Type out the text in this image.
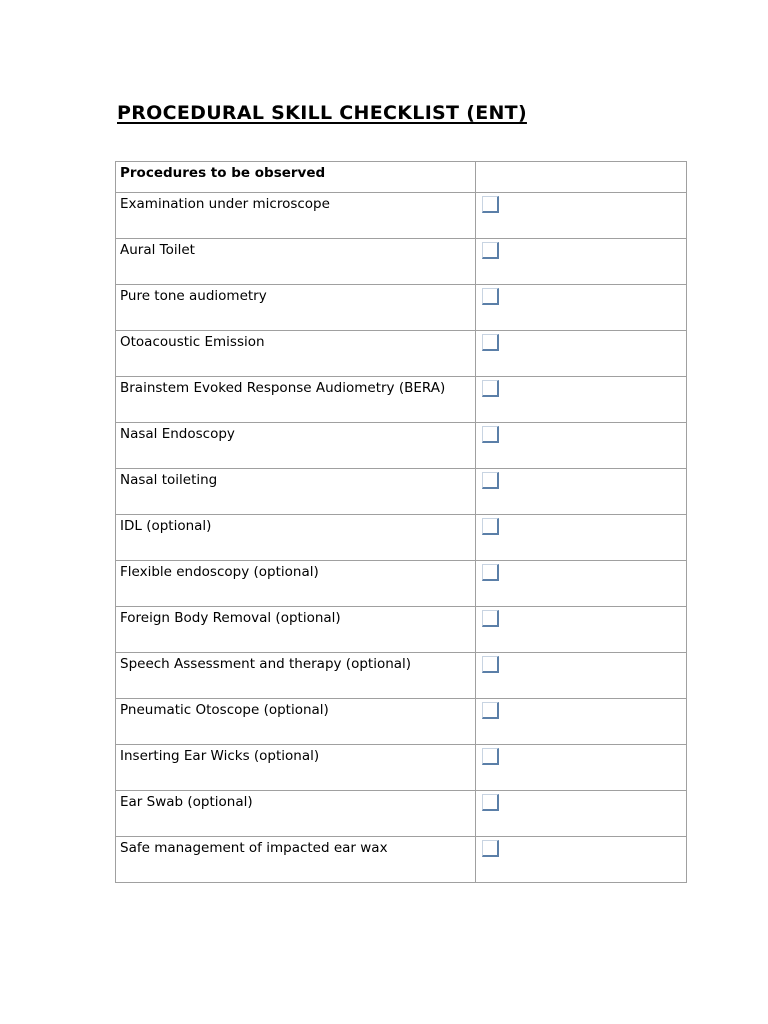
PROCEDURAL SKILL CHECKLIST (ENT)
Procedures to be observed	
Examination under microscope	

Aural Toilet	

Pure tone audiometry	

Otoacoustic Emission	

Brainstem Evoked Response Audiometry (BERA)	

Nasal Endoscopy	

Nasal toileting	

IDL (optional)	

Flexible endoscopy (optional)	

Foreign Body Removal (optional)	

Speech Assessment and therapy (optional)	

Pneumatic Otoscope (optional)	

Inserting Ear Wicks (optional)	

Ear Swab (optional)	

Safe management of impacted ear wax	
